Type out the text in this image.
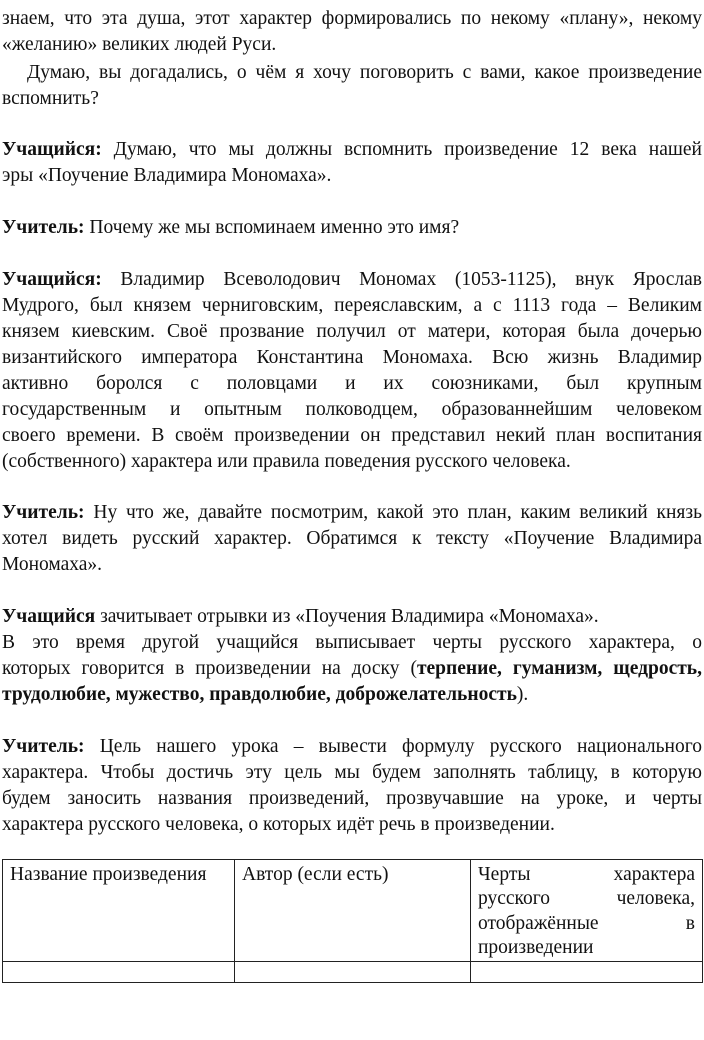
знаем, что эта душа, этот характер формировались по некому «плану», некому
«желанию» великих людей Руси.
Думаю, вы догадались, о чём я хочу поговорить с вами, какое произведение
вспомнить?
Учащийся: Думаю, что мы должны вспомнить произведение 12 века нашей
эры «Поучение Владимира Мономаха».
Учитель: Почему же мы вспоминаем именно это имя?
Учащийся: Владимир Всеволодович Мономах (1053-1125), внук Ярослав
Мудрого, был князем черниговским, переяславским, а с 1113 года – Великим
князем киевским. Своё прозвание получил от матери, которая была дочерью
византийского императора Константина Мономаха. Всю жизнь Владимир
активно боролся с половцами и их союзниками, был крупным
государственным и опытным полководцем, образованнейшим человеком
своего времени. В своём произведении он представил некий план воспитания
(собственного) характера или правила поведения русского человека.
Учитель: Ну что же, давайте посмотрим, какой это план, каким великий князь
хотел видеть русский характер. Обратимся к тексту «Поучение Владимира
Мономаха».
Учащийся зачитывает отрывки из «Поучения Владимира «Мономаха».
В это время другой учащийся выписывает черты русского характера, о
которых говорится в произведении на доску (терпение, гуманизм, щедрость,
трудолюбие, мужество, правдолюбие, доброжелательность).
Учитель: Цель нашего урока – вывести формулу русского национального
характера. Чтобы достичь эту цель мы будем заполнять таблицу, в которую
будем заносить названия произведений, прозвучавшие на уроке, и черты
характера русского человека, о которых идёт речь в произведении.
Название произведения	Автор (если есть)	Черты характера
русского человека,
отображённые в
произведении
